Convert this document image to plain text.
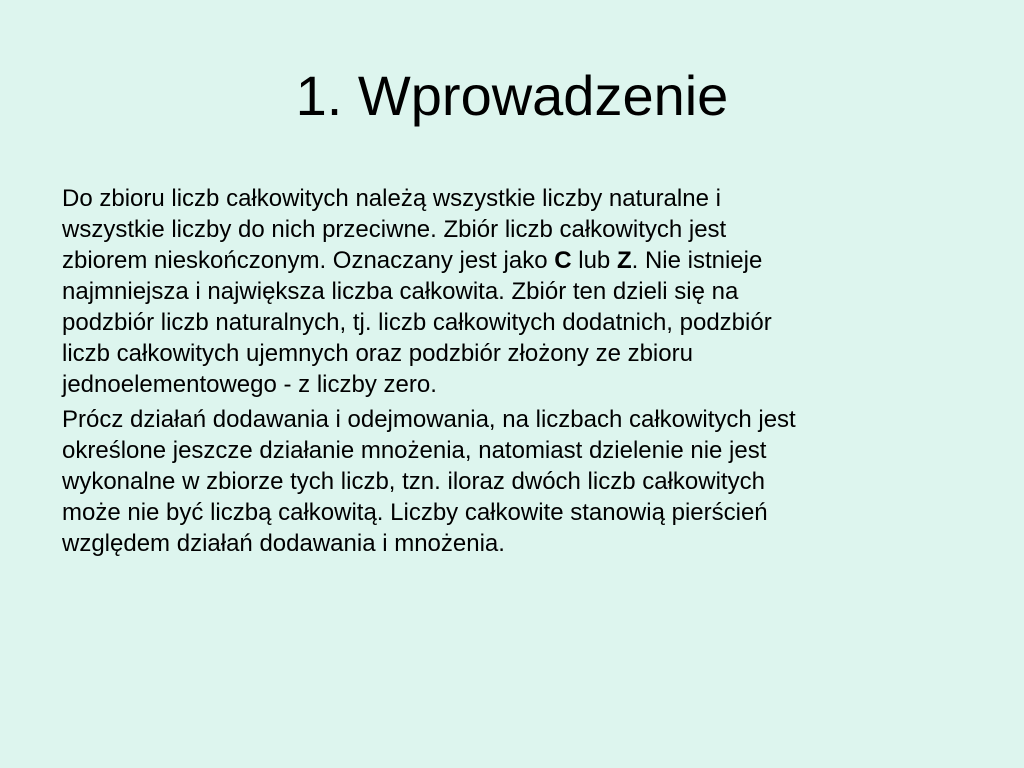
1. Wprowadzenie

Do zbioru liczb całkowitych należą wszystkie liczby naturalne i
wszystkie liczby do nich przeciwne. Zbiór liczb całkowitych jest
zbiorem nieskończonym. Oznaczany jest jako C lub Z. Nie istnieje
najmniejsza i największa liczba całkowita. Zbiór ten dzieli się na
podzbiór liczb naturalnych, tj. liczb całkowitych dodatnich, podzbiór
liczb całkowitych ujemnych oraz podzbiór złożony ze zbioru
jednoelementowego - z liczby zero.

Prócz działań dodawania i odejmowania, na liczbach całkowitych jest
określone jeszcze działanie mnożenia, natomiast dzielenie nie jest
wykonalne w zbiorze tych liczb, tzn. iloraz dwóch liczb całkowitych
może nie być liczbą całkowitą. Liczby całkowite stanowią pierścień
względem działań dodawania i mnożenia.
